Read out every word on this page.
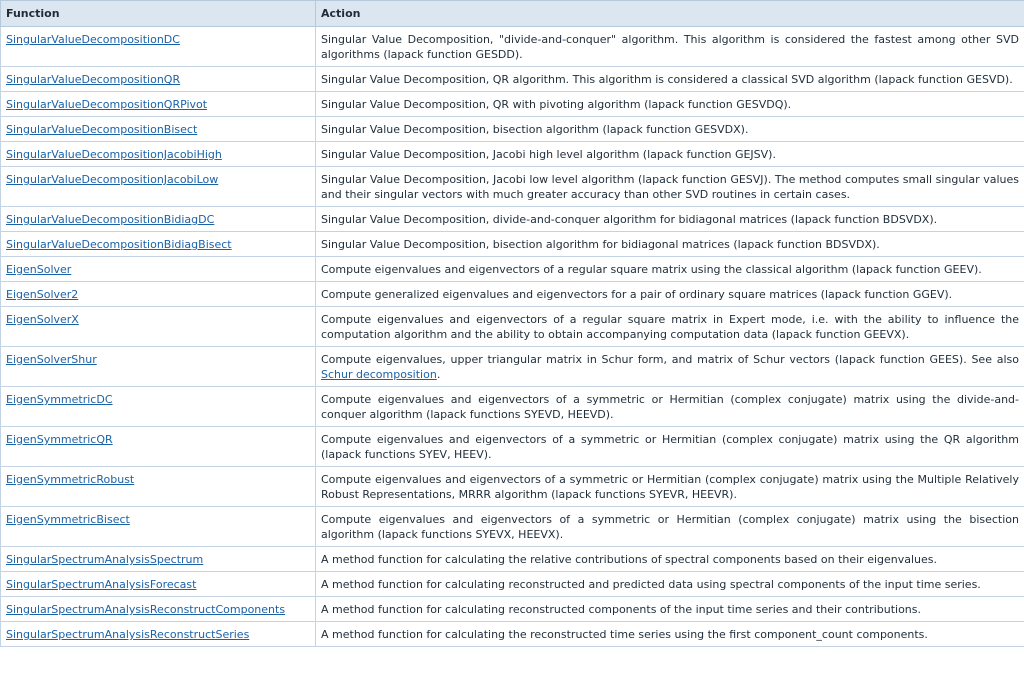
Function	Action
SingularValueDecompositionDC	Singular Value Decomposition, "divide-and-conquer" algorithm. This algorithm is considered the fastest among other SVD algorithms (lapack function GESDD).
SingularValueDecompositionQR	Singular Value Decomposition, QR algorithm. This algorithm is considered a classical SVD algorithm (lapack function GESVD).
SingularValueDecompositionQRPivot	Singular Value Decomposition, QR with pivoting algorithm (lapack function GESVDQ).
SingularValueDecompositionBisect	Singular Value Decomposition, bisection algorithm (lapack function GESVDX).
SingularValueDecompositionJacobiHigh	Singular Value Decomposition, Jacobi high level algorithm (lapack function GEJSV).
SingularValueDecompositionJacobiLow	Singular Value Decomposition, Jacobi low level algorithm (lapack function GESVJ). The method computes small singular values and their singular vectors with much greater accuracy than other SVD routines in certain cases.
SingularValueDecompositionBidiagDC	Singular Value Decomposition, divide-and-conquer algorithm for bidiagonal matrices (lapack function BDSVDX).
SingularValueDecompositionBidiagBisect	Singular Value Decomposition, bisection algorithm for bidiagonal matrices (lapack function BDSVDX).
EigenSolver	Compute eigenvalues and eigenvectors of a regular square matrix using the classical algorithm (lapack function GEEV).
EigenSolver2	Compute generalized eigenvalues and eigenvectors for a pair of ordinary square matrices (lapack function GGEV).
EigenSolverX	Compute eigenvalues and eigenvectors of a regular square matrix in Expert mode, i.e. with the ability to influence the computation algorithm and the ability to obtain accompanying computation data (lapack function GEEVX).
EigenSolverShur	Compute eigenvalues, upper triangular matrix in Schur form, and matrix of Schur vectors (lapack function GEES). See also Schur decomposition.
EigenSymmetricDC	Compute eigenvalues and eigenvectors of a symmetric or Hermitian (complex conjugate) matrix using the divide-and-conquer algorithm (lapack functions SYEVD, HEEVD).
EigenSymmetricQR	Compute eigenvalues and eigenvectors of a symmetric or Hermitian (complex conjugate) matrix using the QR algorithm (lapack functions SYEV, HEEV).
EigenSymmetricRobust	Compute eigenvalues and eigenvectors of a symmetric or Hermitian (complex conjugate) matrix using the Multiple Relatively Robust Representations, MRRR algorithm (lapack functions SYEVR, HEEVR).
EigenSymmetricBisect	Compute eigenvalues and eigenvectors of a symmetric or Hermitian (complex conjugate) matrix using the bisection algorithm (lapack functions SYEVX, HEEVX).
SingularSpectrumAnalysisSpectrum	A method function for calculating the relative contributions of spectral components based on their eigenvalues.
SingularSpectrumAnalysisForecast	A method function for calculating reconstructed and predicted data using spectral components of the input time series.
SingularSpectrumAnalysisReconstructComponents	A method function for calculating reconstructed components of the input time series and their contributions.
SingularSpectrumAnalysisReconstructSeries	A method function for calculating the reconstructed time series using the first component_count components.
